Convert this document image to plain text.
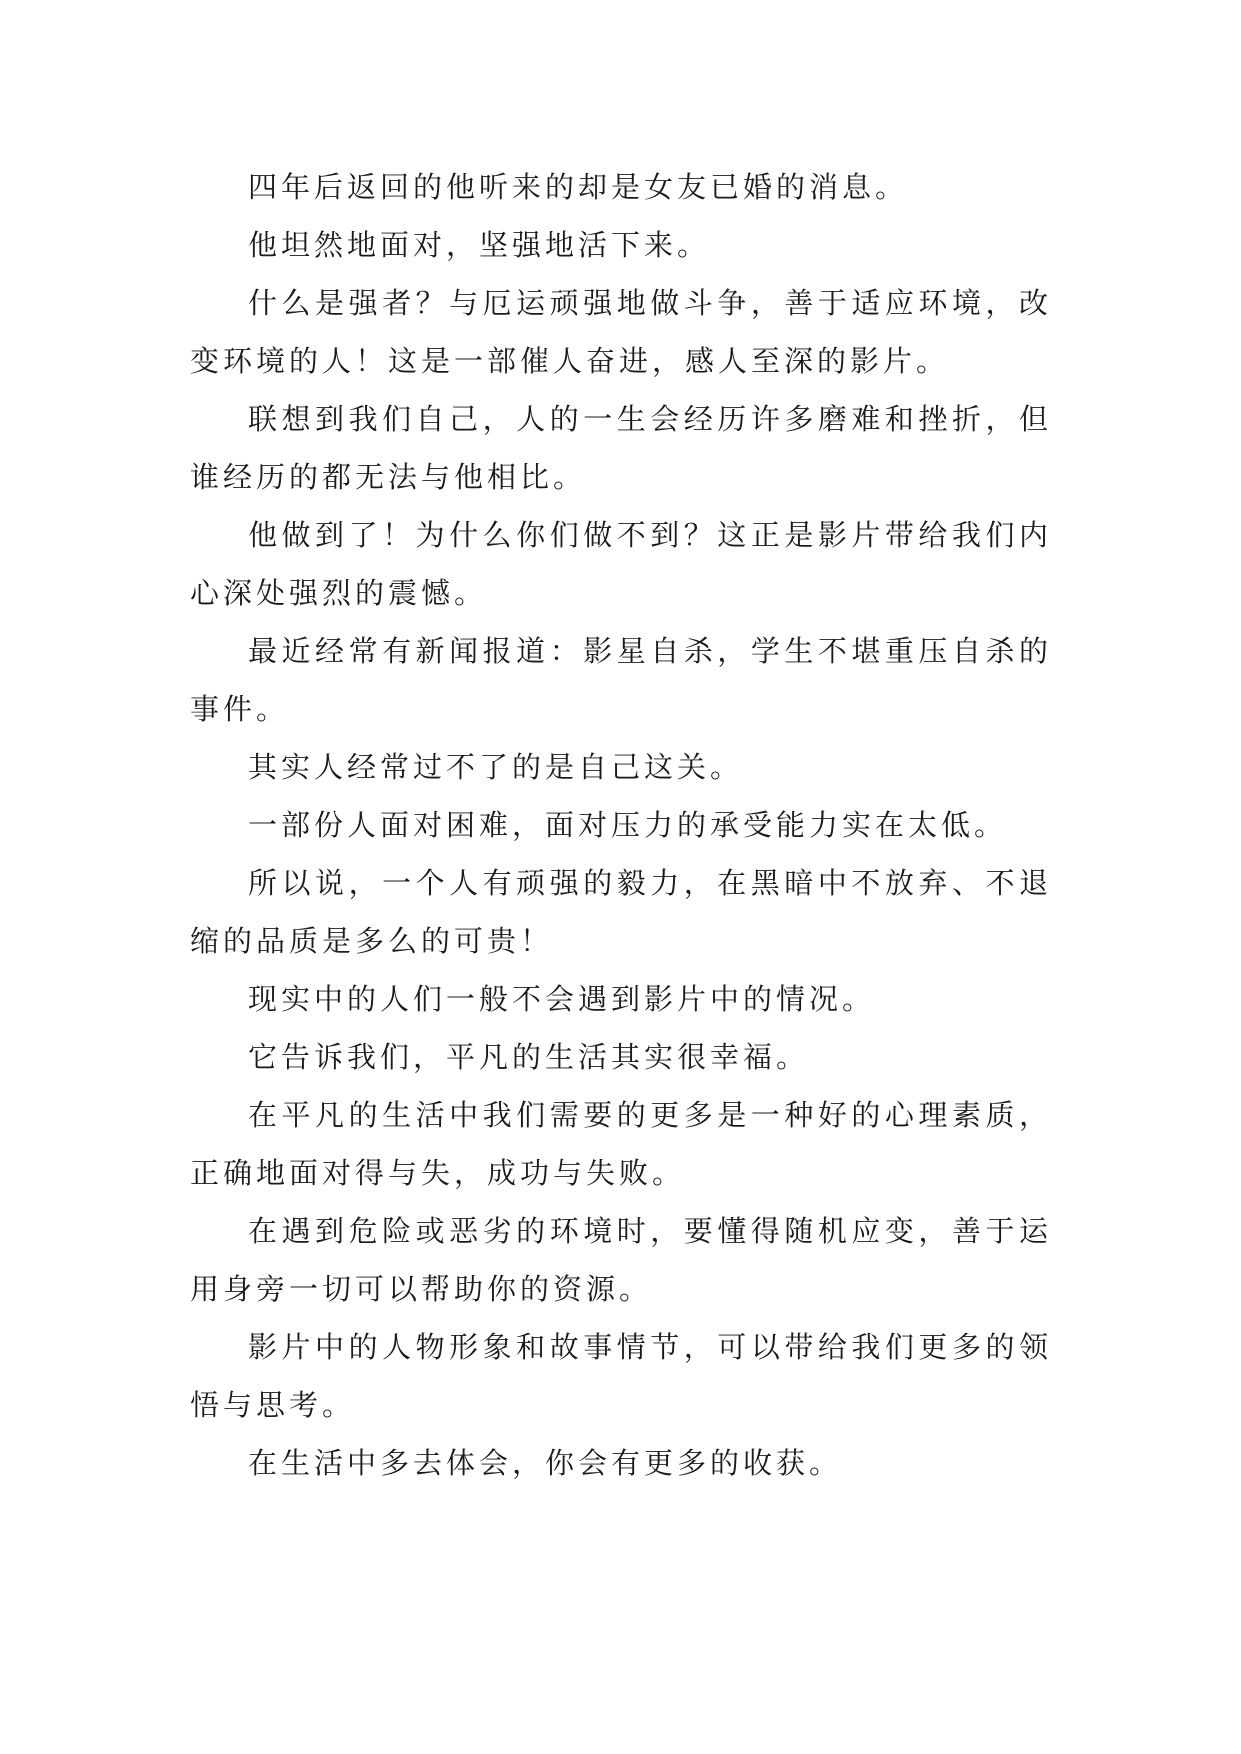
四年后返回的他听来的却是女友已婚的消息。

他坦然地面对，坚强地活下来。

什么是强者？与厄运顽强地做斗争，善于适应环境，改变环境的人！这是一部催人奋进，感人至深的影片。

联想到我们自己，人的一生会经历许多磨难和挫折，但谁经历的都无法与他相比。

他做到了！为什么你们做不到？这正是影片带给我们内心深处强烈的震憾。

最近经常有新闻报道：影星自杀，学生不堪重压自杀的事件。

其实人经常过不了的是自己这关。

一部份人面对困难，面对压力的承受能力实在太低。

所以说，一个人有顽强的毅力，在黑暗中不放弃、不退缩的品质是多么的可贵！

现实中的人们一般不会遇到影片中的情况。

它告诉我们，平凡的生活其实很幸福。

在平凡的生活中我们需要的更多是一种好的心理素质，正确地面对得与失，成功与失败。

在遇到危险或恶劣的环境时，要懂得随机应变，善于运用身旁一切可以帮助你的资源。

影片中的人物形象和故事情节，可以带给我们更多的领悟与思考。

在生活中多去体会，你会有更多的收获。
